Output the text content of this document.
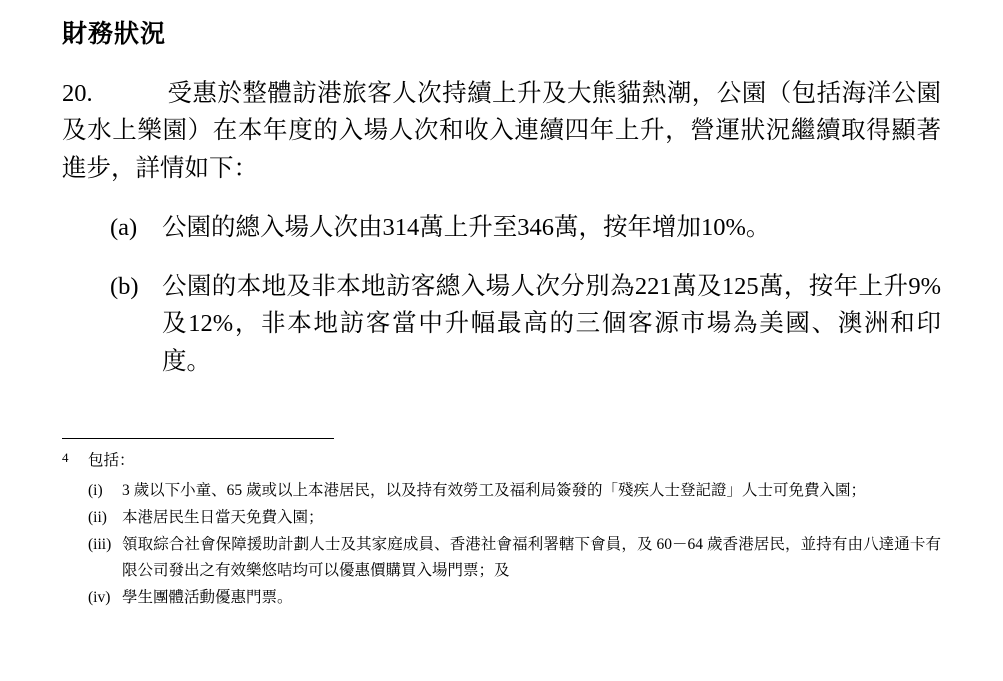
財務狀況

20.	受惠於整體訪港旅客人次持續上升及大熊貓熱潮，公園（包括海洋公園及水上樂園）在本年度的入場人次和收入連續四年上升，營運狀況繼續取得顯著進步，詳情如下：

(a)	公園的總入場人次由314萬上升至346萬，按年增加10%。
(b) 公園的本地及非本地訪客總入場人次分別為221萬及125萬，按年上升9%及12%，非本地訪客當中升幅最高的三個客源市場為美國、澳洲和印度。
4	包括：
(i)	3 歲以下小童、65 歲或以上本港居民，以及持有效勞工及福利局簽發的「殘疾人士登記證」人士可免費入園；
(ii) 本港居民生日當天免費入園；
(iii) 領取綜合社會保障援助計劃人士及其家庭成員、香港社會福利署轄下會員，及 60－64 歲香港居民，並持有由八達通卡有限公司發出之有效樂悠咭均可以優惠價購買入場門票；及
(iv) 學生團體活動優惠門票。
